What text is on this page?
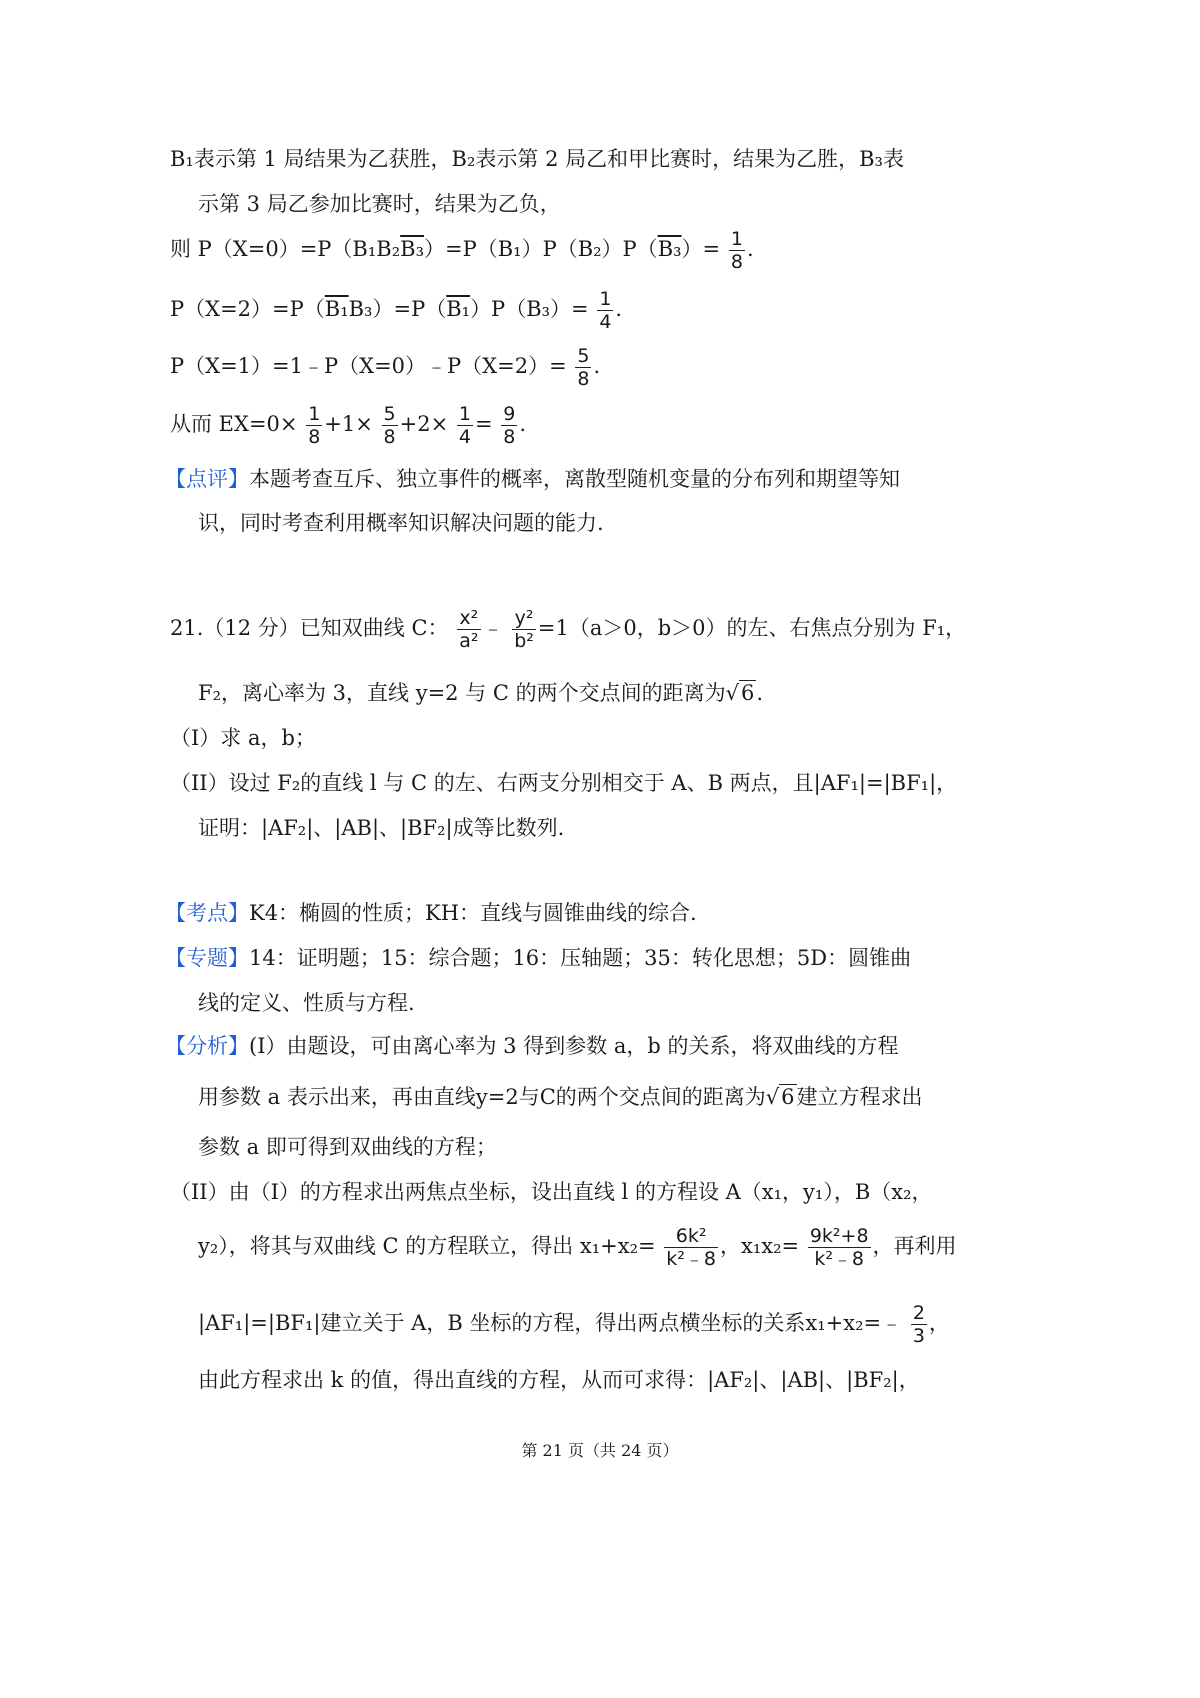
B₁表示第 1 局结果为乙获胜，B₂表示第 2 局乙和甲比赛时，结果为乙胜，B₃表
示第 3 局乙参加比赛时，结果为乙负，
则 $P(X=0)=P(B_1B_2B_3)=P(B_1)P(B_2)P(B_3)= \frac{1}{8}$ .
$P(X=2)=P(B_1B_3)=P(B_1)P(B_3)= \frac{1}{4}$ .
P（X=1）=1﹣P（X=0）﹣P（X=2）= $\frac{5}{8}$ .
从而 $EX=0\times \frac{1}{8} +1\times \frac{5}{8} +2\times \frac{1}{4} = \frac{9}{8}$ .
【点评】本题考查互斥、独立事件的概率，离散型随机变量的分布列和期望等知
识，同时考查利用概率知识解决问题的能力.
21.（12 分）已知双曲线 C： $\frac{\text{x²}}{\text{a²}}$ ﹣ $\frac{\text{y²}}{\text{b²}} =1(a>0$，b＞0）的左、右焦点分别为 F₁，
F₂，离心率为 3，直线 y=2 与 C 的两个交点间的距离为√6.
（I）求 a，b；
（II）设过 F₂的直线 l 与 C 的左、右两支分别相交于 A、B 两点，且|AF₁|=|BF₁|，
证明：|AF₂|、|AB|、|BF₂|成等比数列.
【考点】K4：椭圆的性质；KH：直线与圆锥曲线的综合.
【专题】14：证明题；15：综合题；16：压轴题；35：转化思想；5D：圆锥曲
线的定义、性质与方程.
【分析】(I）由题设，可由离心率为 3 得到参数 a，b 的关系，将双曲线的方程
用参数 a 表示出来，再由直线y=2与C的两个交点间的距离为√6建立方程求出
参数 a 即可得到双曲线的方程；
（II）由（I）的方程求出两焦点坐标，设出直线 l 的方程设 A（x₁，y₁），B（x₂，
y₂），将其与双曲线 C 的方程联立，得出 $x_1+x_2= \frac{\text{6k²}}{\text{k²﹣8}}$ ，$x_1x_2= \frac{\text{9k²+8}}{\text{k²﹣8}}$ ，再利用
|AF₁|=|BF₁|建立关于 A，B 坐标的方程，得出两点横坐标的关系x₁+x₂=﹣ $\frac{2}{3}$ ，
由此方程求出 k 的值，得出直线的方程，从而可求得：|AF₂|、|AB|、|BF₂|，
第 21 页（共 24 页）
